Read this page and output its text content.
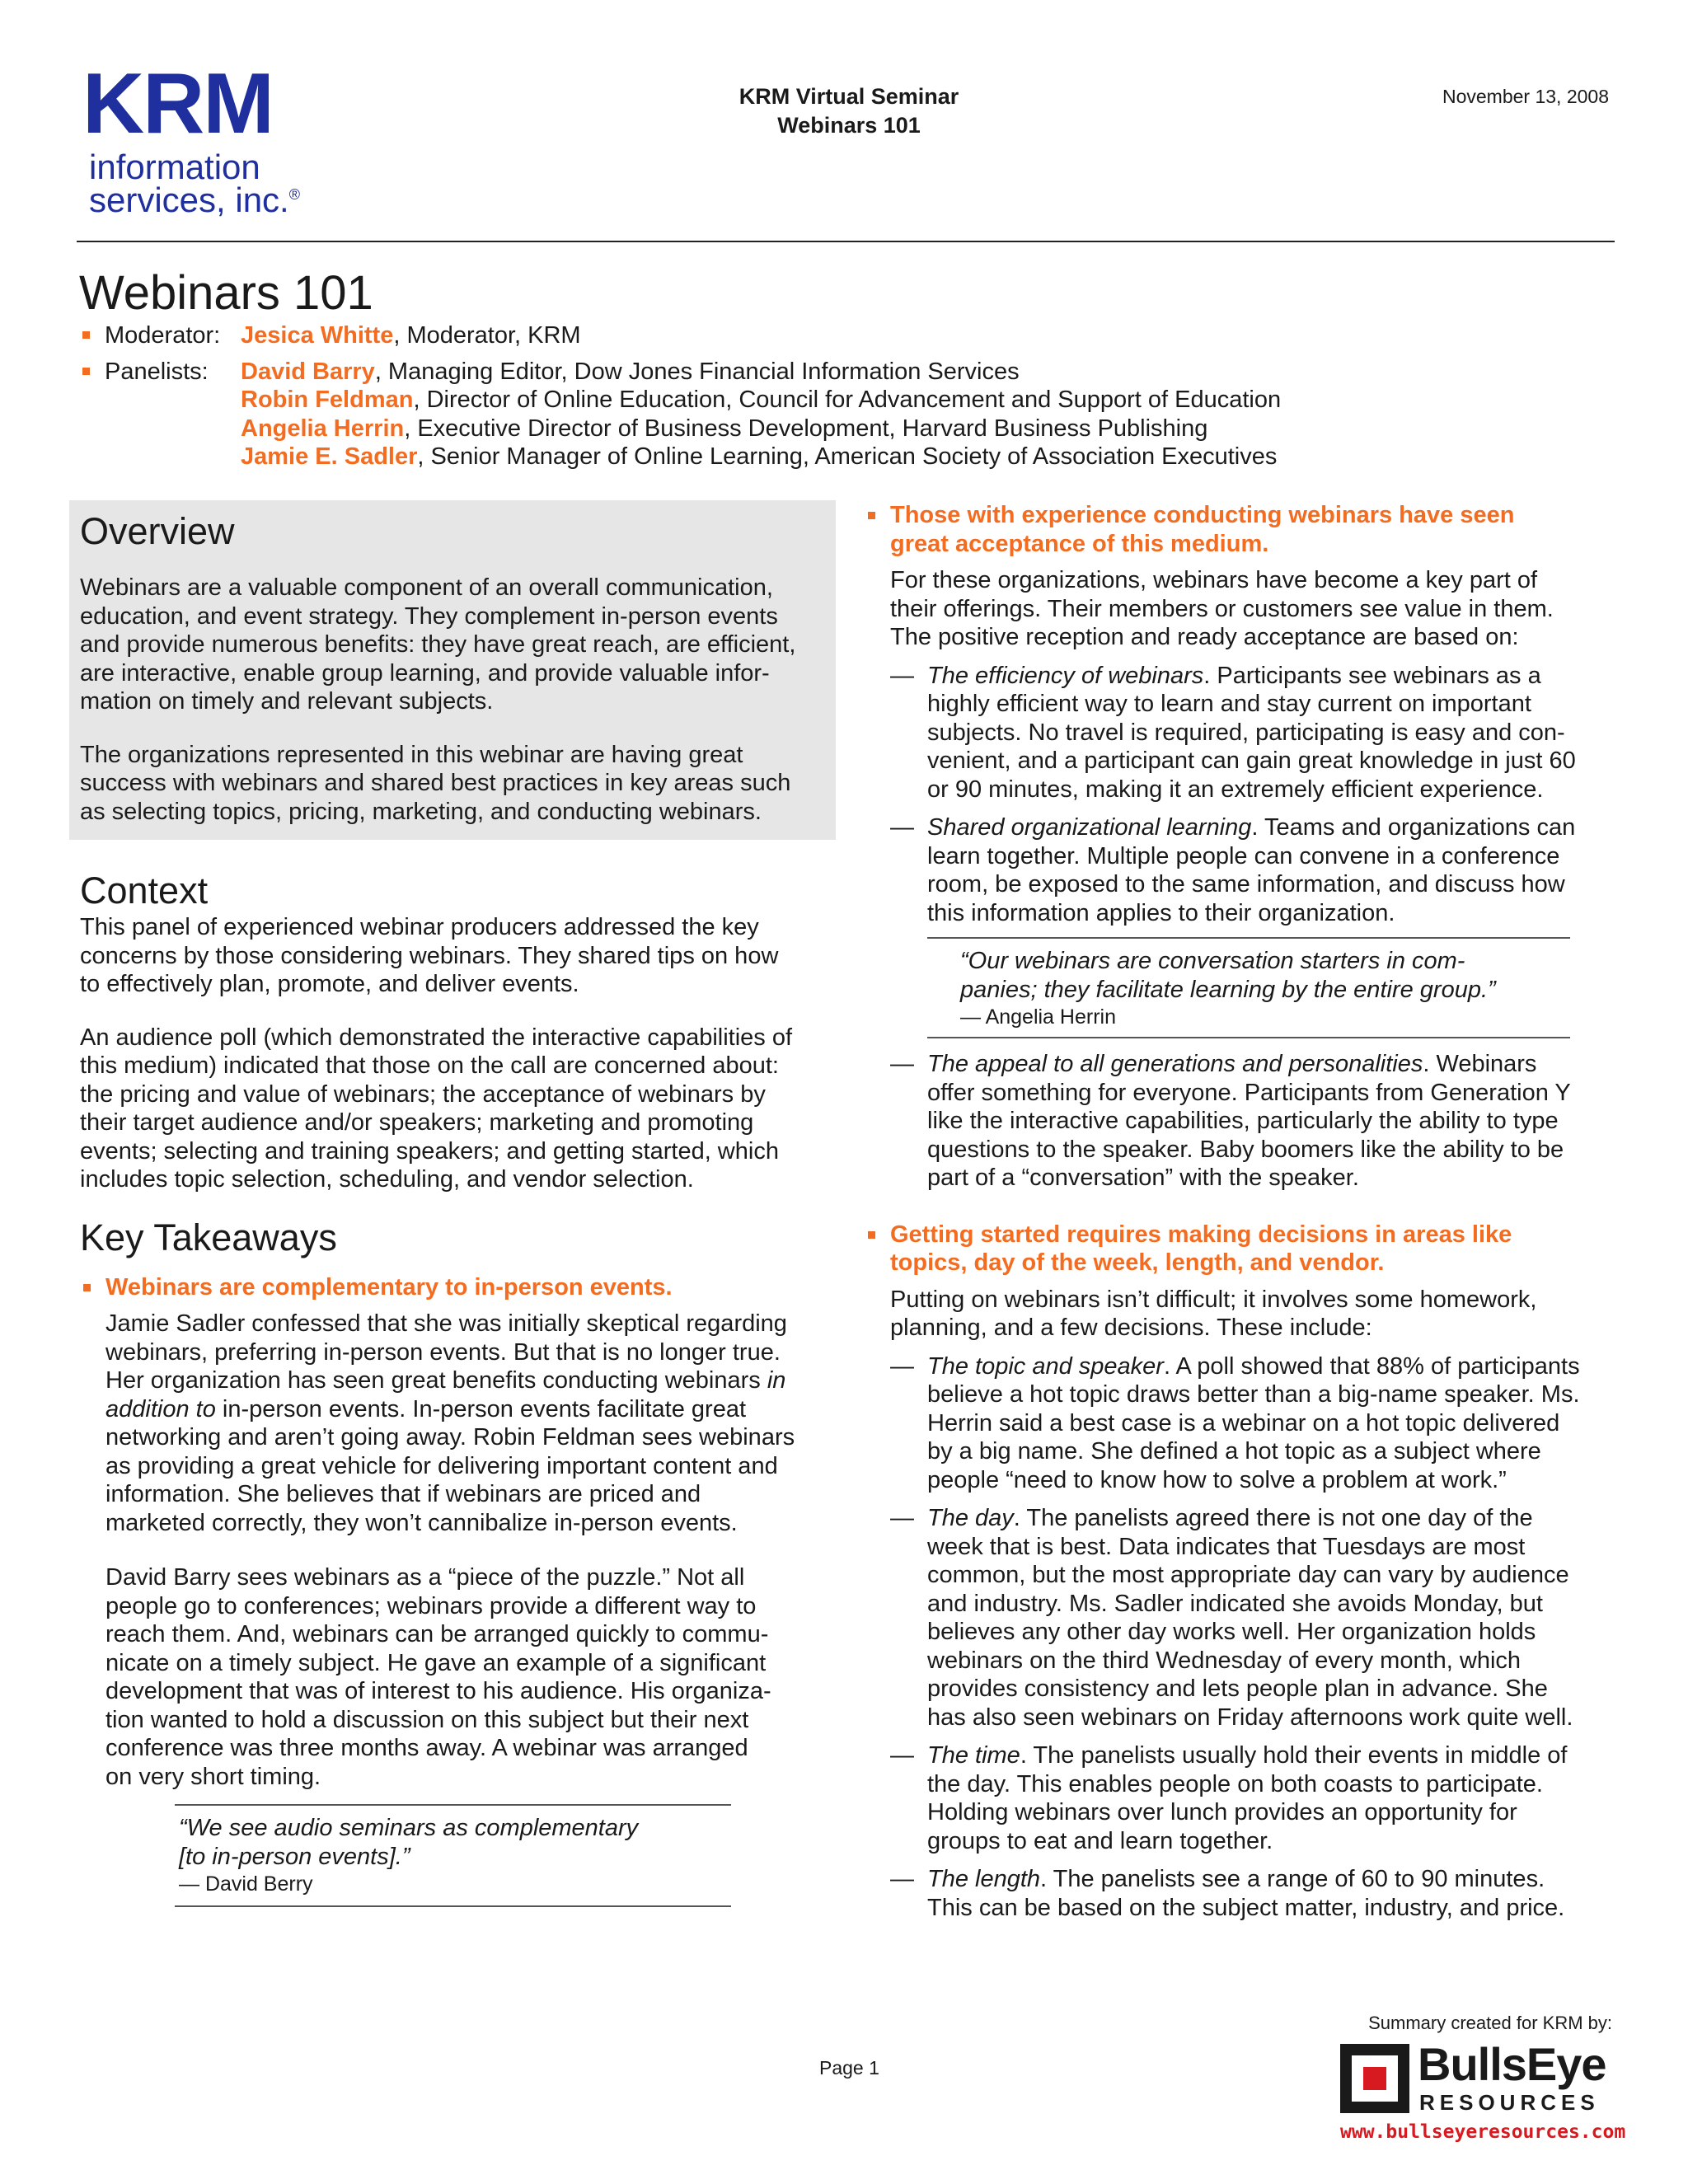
KRM
information
services, inc.®
KRM Virtual Seminar
Webinars 101
November 13, 2008
Webinars 101
Moderator: Jesica Whitte, Moderator, KRM
Panelists: David Barry, Managing Editor, Dow Jones Financial Information Services
Robin Feldman, Director of Online Education, Council for Advancement and Support of Education
Angelia Herrin, Executive Director of Business Development, Harvard Business Publishing
Jamie E. Sadler, Senior Manager of Online Learning, American Society of Association Executives
Overview

Webinars are a valuable component of an overall communication,
education, and event strategy. They complement in-person events
and provide numerous benefits: they have great reach, are efficient,
are interactive, enable group learning, and provide valuable infor-
mation on timely and relevant subjects.

The organizations represented in this webinar are having great
success with webinars and shared best practices in key areas such
as selecting topics, pricing, marketing, and conducting webinars.

Context

This panel of experienced webinar producers addressed the key
concerns by those considering webinars. They shared tips on how
to effectively plan, promote, and deliver events.

An audience poll (which demonstrated the interactive capabilities of
this medium) indicated that those on the call are concerned about:
the pricing and value of webinars; the acceptance of webinars by
their target audience and/or speakers; marketing and promoting
events; selecting and training speakers; and getting started, which
includes topic selection, scheduling, and vendor selection.

Key Takeaways
Webinars are complementary to in-person events.

Jamie Sadler confessed that she was initially skeptical regarding
webinars, preferring in-person events. But that is no longer true.
Her organization has seen great benefits conducting webinars in
addition to in-person events. In-person events facilitate great
networking and aren’t going away. Robin Feldman sees webinars
as providing a great vehicle for delivering important content and
information. She believes that if webinars are priced and
marketed correctly, they won’t cannibalize in-person events.

David Barry sees webinars as a “piece of the puzzle.” Not all
people go to conferences; webinars provide a different way to
reach them. And, webinars can be arranged quickly to commu-
nicate on a timely subject. He gave an example of a significant
development that was of interest to his audience. His organiza-
tion wanted to hold a discussion on this subject but their next
conference was three months away. A webinar was arranged
on very short timing.

“We see audio seminars as complementary
[to in-person events].”
— David Berry
Those with experience conducting webinars have seen
great acceptance of this medium.

For these organizations, webinars have become a key part of
their offerings. Their members or customers see value in them.
The positive reception and ready acceptance are based on:

— The efficiency of webinars. Participants see webinars as a
highly efficient way to learn and stay current on important
subjects. No travel is required, participating is easy and con-
venient, and a participant can gain great knowledge in just 60
or 90 minutes, making it an extremely efficient experience.
— Shared organizational learning. Teams and organizations can
learn together. Multiple people can convene in a conference
room, be exposed to the same information, and discuss how
this information applies to their organization.
“Our webinars are conversation starters in com-
panies; they facilitate learning by the entire group.”
— Angelia Herrin
— The appeal to all generations and personalities. Webinars
offer something for everyone. Participants from Generation Y
like the interactive capabilities, particularly the ability to type
questions to the speaker. Baby boomers like the ability to be
part of a “conversation” with the speaker.
Getting started requires making decisions in areas like
topics, day of the week, length, and vendor.

Putting on webinars isn’t difficult; it involves some homework,
planning, and a few decisions. These include:

— The topic and speaker. A poll showed that 88% of participants
believe a hot topic draws better than a big-name speaker. Ms.
Herrin said a best case is a webinar on a hot topic delivered
by a big name. She defined a hot topic as a subject where
people “need to know how to solve a problem at work.”
— The day. The panelists agreed there is not one day of the
week that is best. Data indicates that Tuesdays are most
common, but the most appropriate day can vary by audience
and industry. Ms. Sadler indicated she avoids Monday, but
believes any other day works well. Her organization holds
webinars on the third Wednesday of every month, which
provides consistency and lets people plan in advance. She
has also seen webinars on Friday afternoons work quite well.
— The time. The panelists usually hold their events in middle of
the day. This enables people on both coasts to participate.
Holding webinars over lunch provides an opportunity for
groups to eat and learn together.
— The length. The panelists see a range of 60 to 90 minutes.
This can be based on the subject matter, industry, and price.
Summary created for KRM by:
Page 1	BullsEye
RESOURCES
www.bullseyeresources.com
